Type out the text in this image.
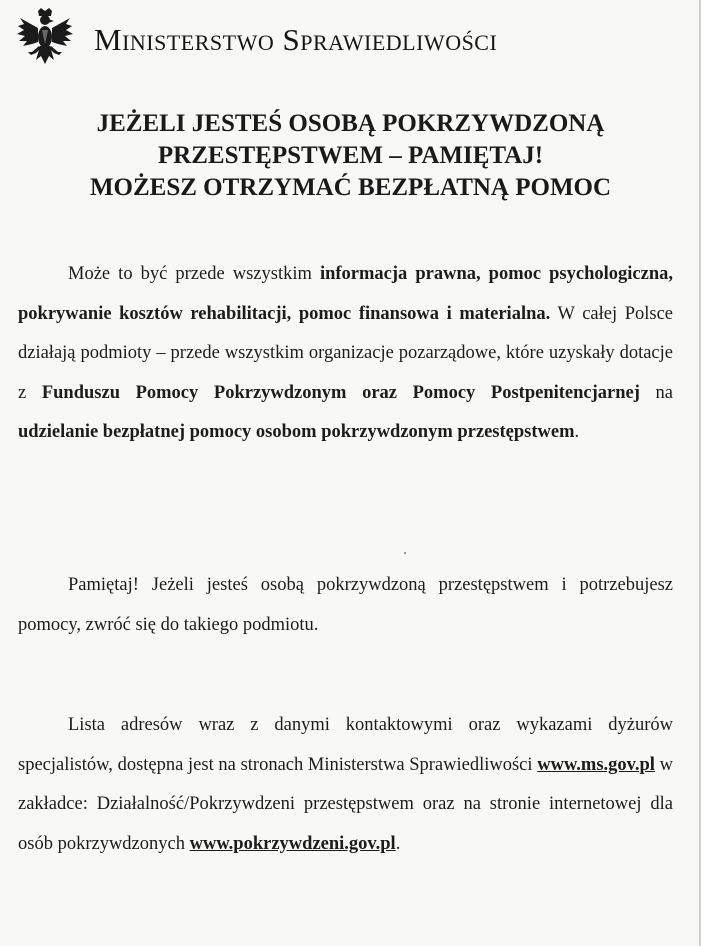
Ministerstwo Sprawiedliwości
JEŻELI JESTEŚ OSOBĄ POKRZYWDZONĄ
PRZESTĘPSTWEM – PAMIĘTAJ!
MOŻESZ OTRZYMAĆ BEZPŁATNĄ POMOC
Może to być przede wszystkim informacja prawna, pomoc psychologiczna, pokrywanie kosztów rehabilitacji, pomoc finansowa i materialna. W całej Polsce działają podmioty – przede wszystkim organizacje pozarządowe, które uzyskały dotacje z Funduszu Pomocy Pokrzywdzonym oraz Pomocy Postpenitencjarnej na udzielanie bezpłatnej pomocy osobom pokrzywdzonym przestępstwem.
Pamiętaj! Jeżeli jesteś osobą pokrzywdzoną przestępstwem i potrzebujesz pomocy, zwróć się do takiego podmiotu.
Lista adresów wraz z danymi kontaktowymi oraz wykazami dyżurów specjalistów, dostępna jest na stronach Ministerstwa Sprawiedliwości www.ms.gov.pl w zakładce: Działalność/Pokrzywdzeni przestępstwem oraz na stronie internetowej dla osób pokrzywdzonych www.pokrzywdzeni.gov.pl.
